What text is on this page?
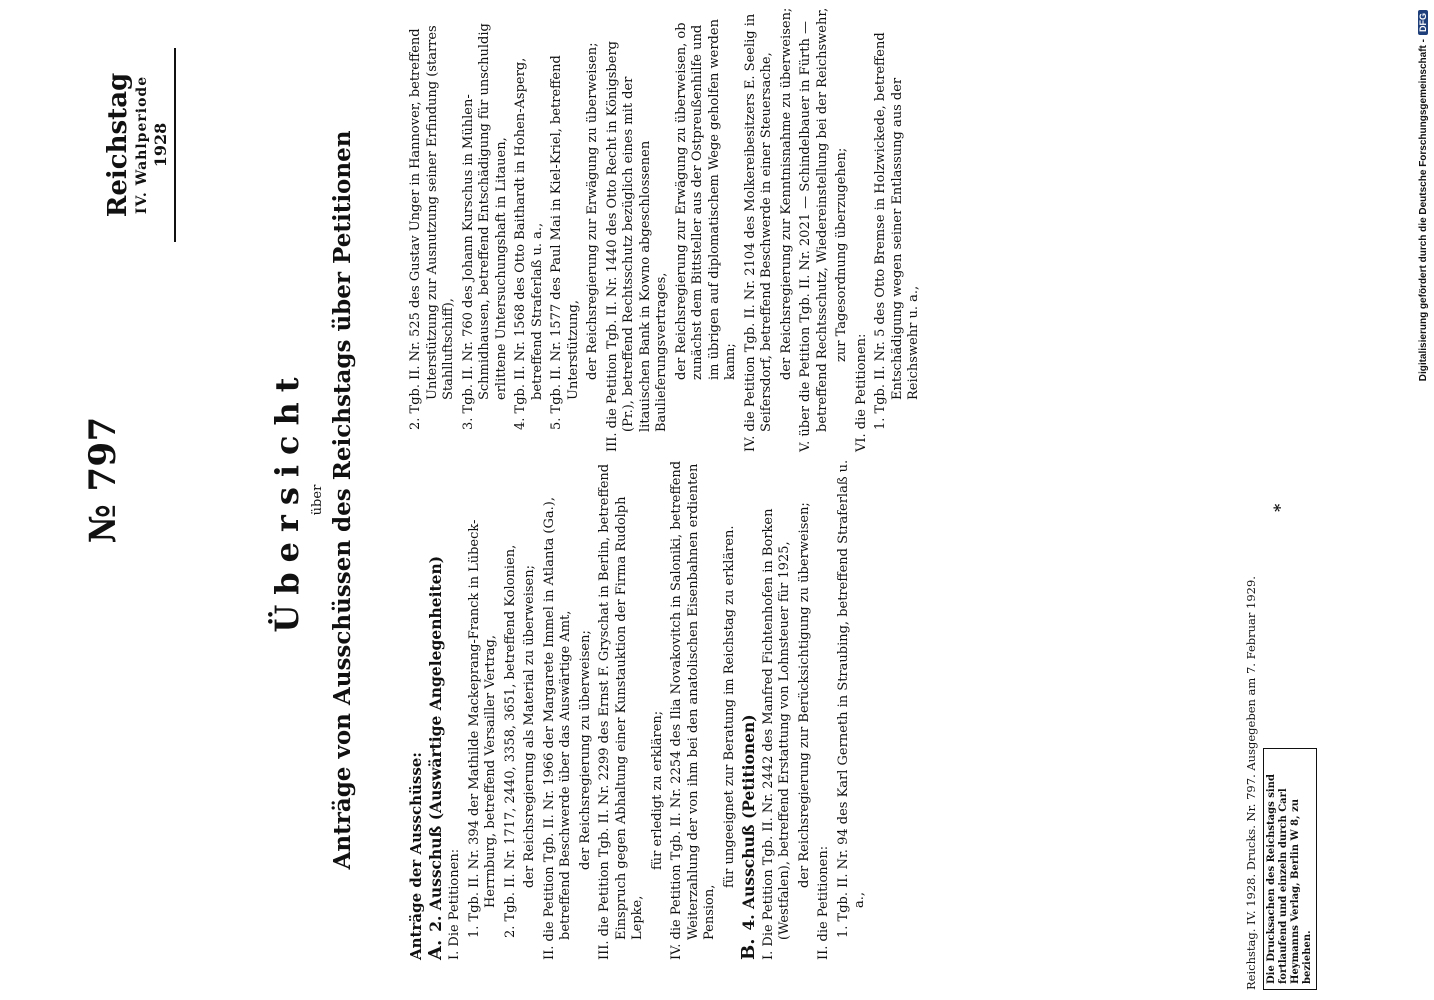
№ 797
Reichstag IV. Wahlperiode 1928
Übersicht über Anträge von Ausschüssen des Reichstags über Petitionen	Anträge der Ausschüsse: A.2. Ausschuß (Auswärtige Angelegenheiten) I. Die Petitionen: 1. Tgb. II. Nr. 394 der Mathilde Mackeprang-Franck in Lübeck-Herrnburg, betreffend Versailler Vertrag, 2. Tgb. II. Nr. 1717, 2440, 3358, 3651, betreffend Kolonien, der Reichsregierung als Material zu überweisen; II. die Petition Tgb. II. Nr. 1966 der Margarete Immel in Atlanta (Ga.), betreffend Beschwerde über das Auswärtige Amt, der Reichsregierung zu überweisen; III. die Petition Tgb. II. Nr. 2299 des Ernst F. Gryschat in Berlin, betreffend Einspruch gegen Abhaltung einer Kunstauktion der Firma Rudolph Lepke,

für erledigt zu erklären; IV. die Petition Tgb. II. Nr. 2254 des Ilia Novakovitch in Saloniki, betreffend Weiterzahlung der von ihm bei den anatolischen Eisenbahnen erdienten Pension,

für ungeeignet zur Beratung im Reichstag zu erklären.

B.4. Ausschuß (Petitionen) I. Die Petition Tgb. II. Nr. 2442 des Manfred Fichtenhofen in Borken (Westfalen), betreffend Erstattung von Lohnsteuer für 1925, der Reichsregierung zur Berücksichtigung zu überweisen;

II. die Petitionen: 1. Tgb. II. Nr. 94 des Karl Gerneth in Straubing, betreffend Straferlaß u. a.,

2. Tgb. II. Nr. 525 des Gustav Unger in Hannover, betreffend Unterstützung zur Ausnutzung seiner Erfindung (starres Stahlluftschiff), 3. Tgb. II. Nr. 760 des Johann Kurschus in Mühlen-Schmidhausen, betreffend Entschädigung für unschuldig erlittene Untersuchungshaft in Litauen, 4. Tgb. II. Nr. 1568 des Otto Baithardt in Hohen-Asperg, betreffend Straferlaß u. a., 5. Tgb. II. Nr. 1577 des Paul Mai in Kiel-Kriel, betreffend Unterstützung, der Reichsregierung zur Erwägung zu überweisen; III. die Petition Tgb. II. Nr. 1440 des Otto Recht in Königsberg (Pr.), betreffend Rechtsschutz bezüglich eines mit der litauischen Bank in Kowno abgeschlossenen Baulieferungsvertrages, der Reichsregierung zur Erwägung zu überweisen, ob zunächst dem Bittsteller aus der Ostpreußenhilfe und im übrigen auf diplomatischem Wege geholfen werden kann; IV. die Petition Tgb. II. Nr. 2104 des Molkereibesitzers E. Seelig in Seifersdorf, betreffend Beschwerde in einer Steuersache, der Reichsregierung zur Kenntnisnahme zu überweisen; V. über die Petition Tgb. II. Nr. 2021 — Schindelbauer in Fürth — betreffend Rechtsschutz, Wiedereinstellung bei der Reichswehr, zur Tagesordnung überzugehen;

VI. die Petitionen: 1. Tgb. II. Nr. 5 des Otto Bremse in Holzwickede, betreffend Entschädigung wegen seiner Entlassung aus der Reichswehr u. a.,

Reichstag. IV. 1928. Drucks. Nr. 797. Ausgegeben am 7. Februar 1929. Die Drucksachen des Reichstags sind fortlaufend und einzeln durch Carl Heymanns Verlag, Berlin W 8, zu beziehen.
*
Digitalisierung gefördert durch die Deutsche Forschungsgemeinschaft -DFG
